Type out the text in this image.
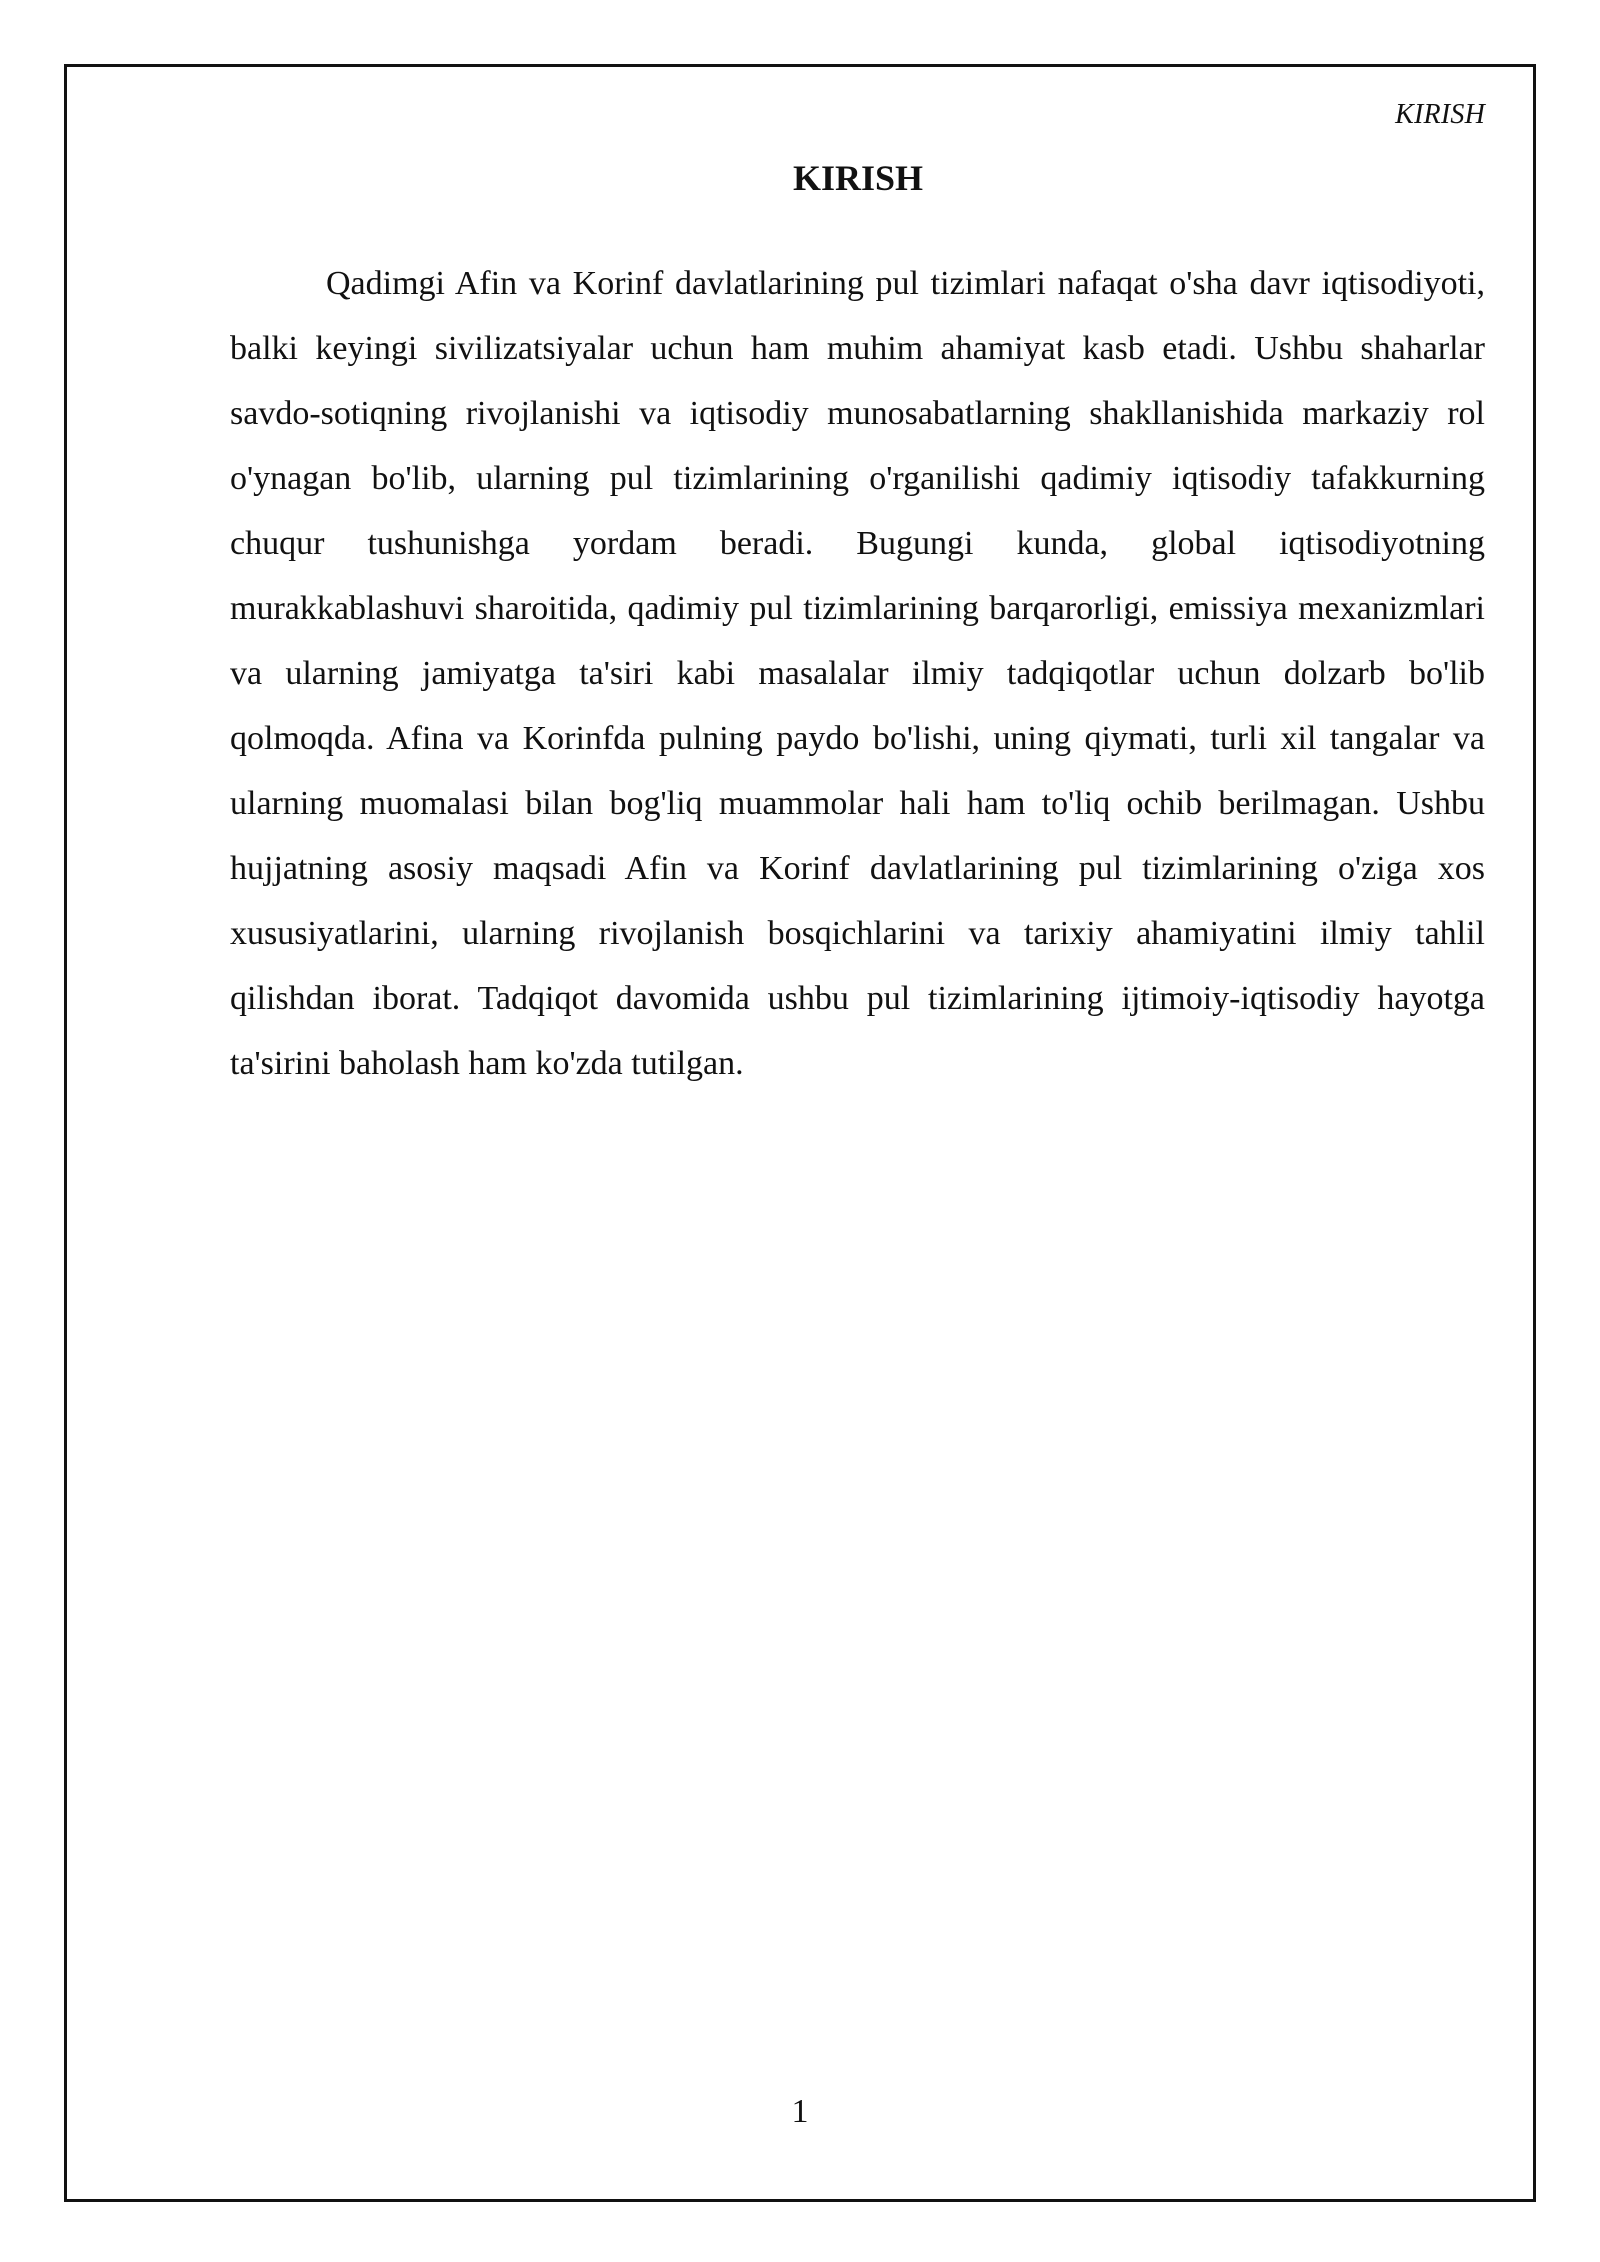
KIRISH
KIRISH

Qadimgi Afin va Korinf davlatlarining pul tizimlari nafaqat o'sha davr iqtisodiyoti, balki keyingi sivilizatsiyalar uchun ham muhim ahamiyat kasb etadi. Ushbu shaharlar savdo-sotiqning rivojlanishi va iqtisodiy munosabatlarning shakllanishida markaziy rol o'ynagan bo'lib, ularning pul tizimlarining o'rganilishi qadimiy iqtisodiy tafakkurning chuqur tushunishga yordam beradi. Bugungi kunda, global iqtisodiyotning murakkablashuvi sharoitida, qadimiy pul tizimlarining barqarorligi, emissiya mexanizmlari va ularning jamiyatga ta'siri kabi masalalar ilmiy tadqiqotlar uchun dolzarb bo'lib qolmoqda. Afina va Korinfda pulning paydo bo'lishi, uning qiymati, turli xil tangalar va ularning muomalasi bilan bog'liq muammolar hali ham to'liq ochib berilmagan. Ushbu hujjatning asosiy maqsadi Afin va Korinf davlatlarining pul tizimlarining o'ziga xos xususiyatlarini, ularning rivojlanish bosqichlarini va tarixiy ahamiyatini ilmiy tahlil qilishdan iborat. Tadqiqot davomida ushbu pul tizimlarining ijtimoiy-iqtisodiy hayotga ta'sirini baholash ham ko'zda tutilgan.

1
